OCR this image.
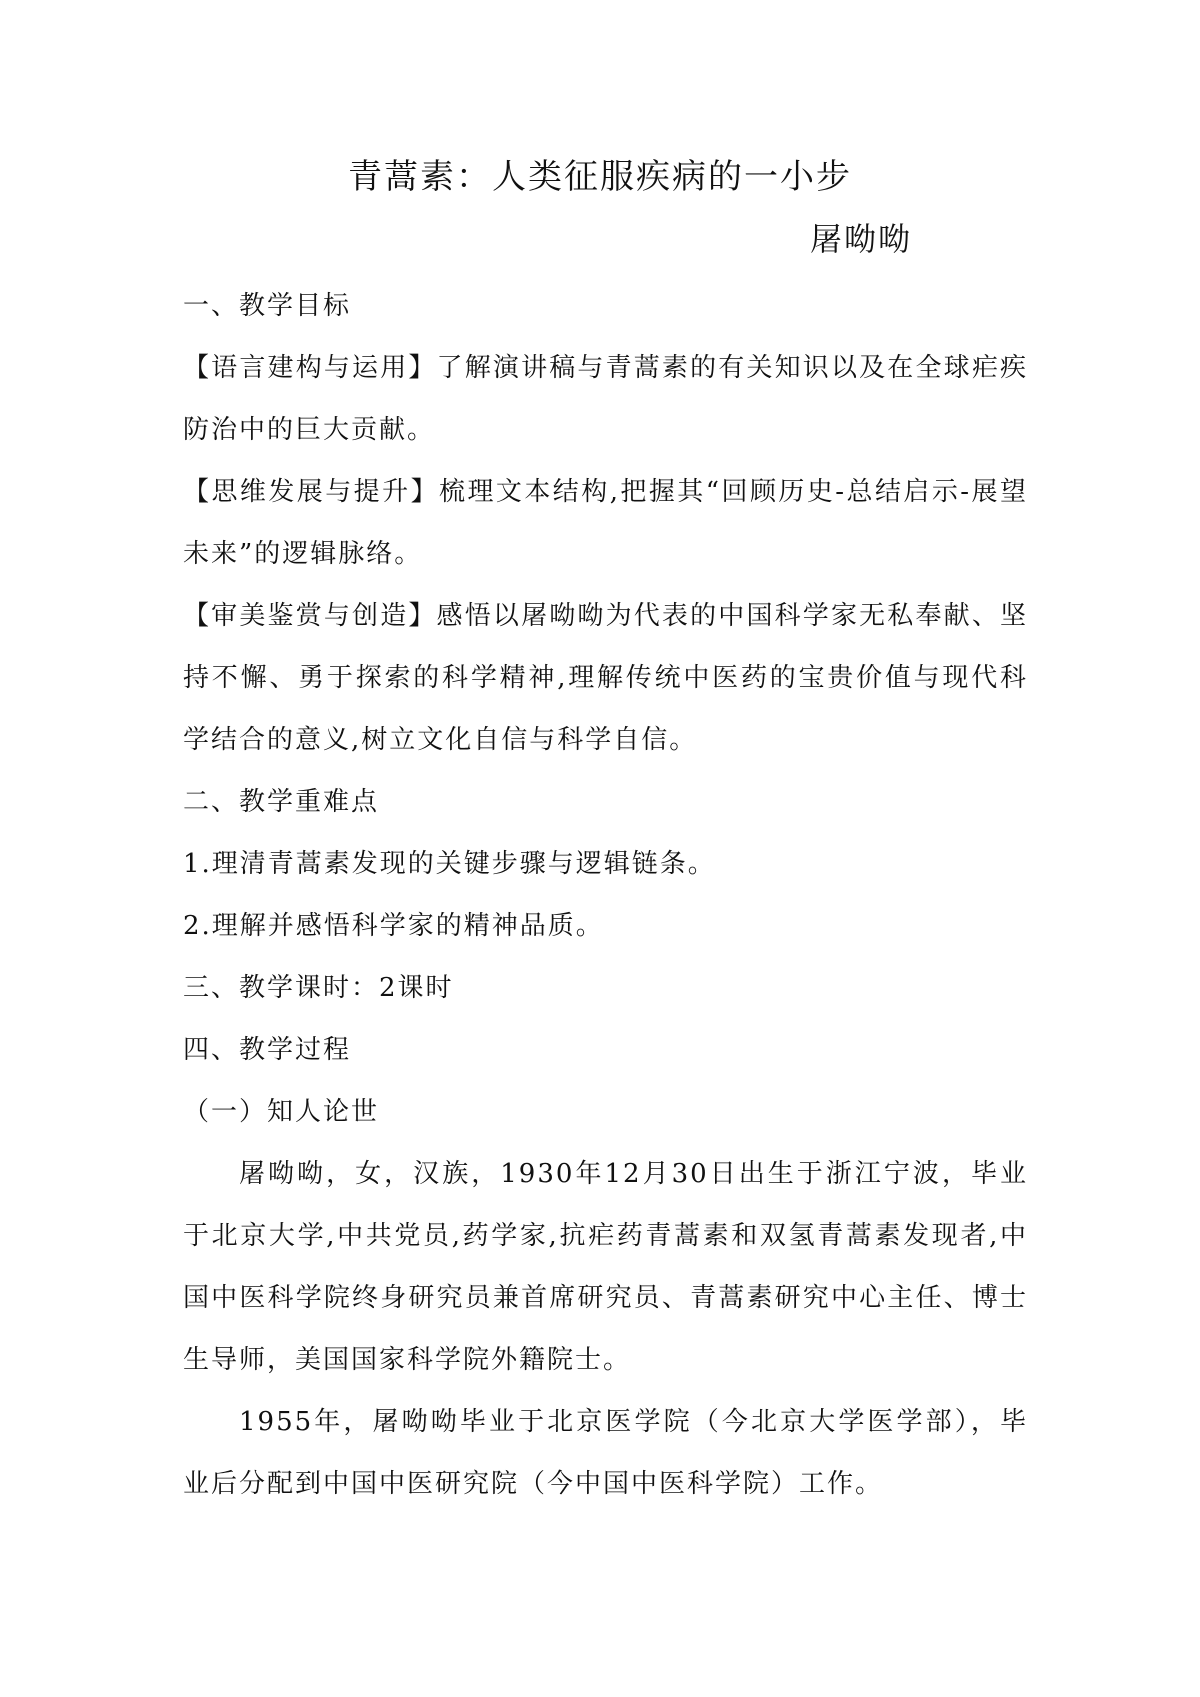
青蒿素：人类征服疾病的一小步
屠呦呦
一、教学目标

【语言建构与运用】了解演讲稿与青蒿素的有关知识以及在全球疟疾防治中的巨大贡献。

【思维发展与提升】梳理文本结构,把握其“回顾历史-总结启示-展望未来”的逻辑脉络。

【审美鉴赏与创造】感悟以屠呦呦为代表的中国科学家无私奉献、坚持不懈、勇于探索的科学精神,理解传统中医药的宝贵价值与现代科学结合的意义,树立文化自信与科学自信。

二、教学重难点
1.理清青蒿素发现的关键步骤与逻辑链条。
2.理解并感悟科学家的精神品质。
三、教学课时：2课时
四、教学过程
（一）知人论世

屠呦呦，女，汉族，1930年12月30日出生于浙江宁波，毕业于北京大学,中共党员,药学家,抗疟药青蒿素和双氢青蒿素发现者,中国中医科学院终身研究员兼首席研究员、青蒿素研究中心主任、博士生导师，美国国家科学院外籍院士。

1955年，屠呦呦毕业于北京医学院（今北京大学医学部），毕业后分配到中国中医研究院（今中国中医科学院）工作。
